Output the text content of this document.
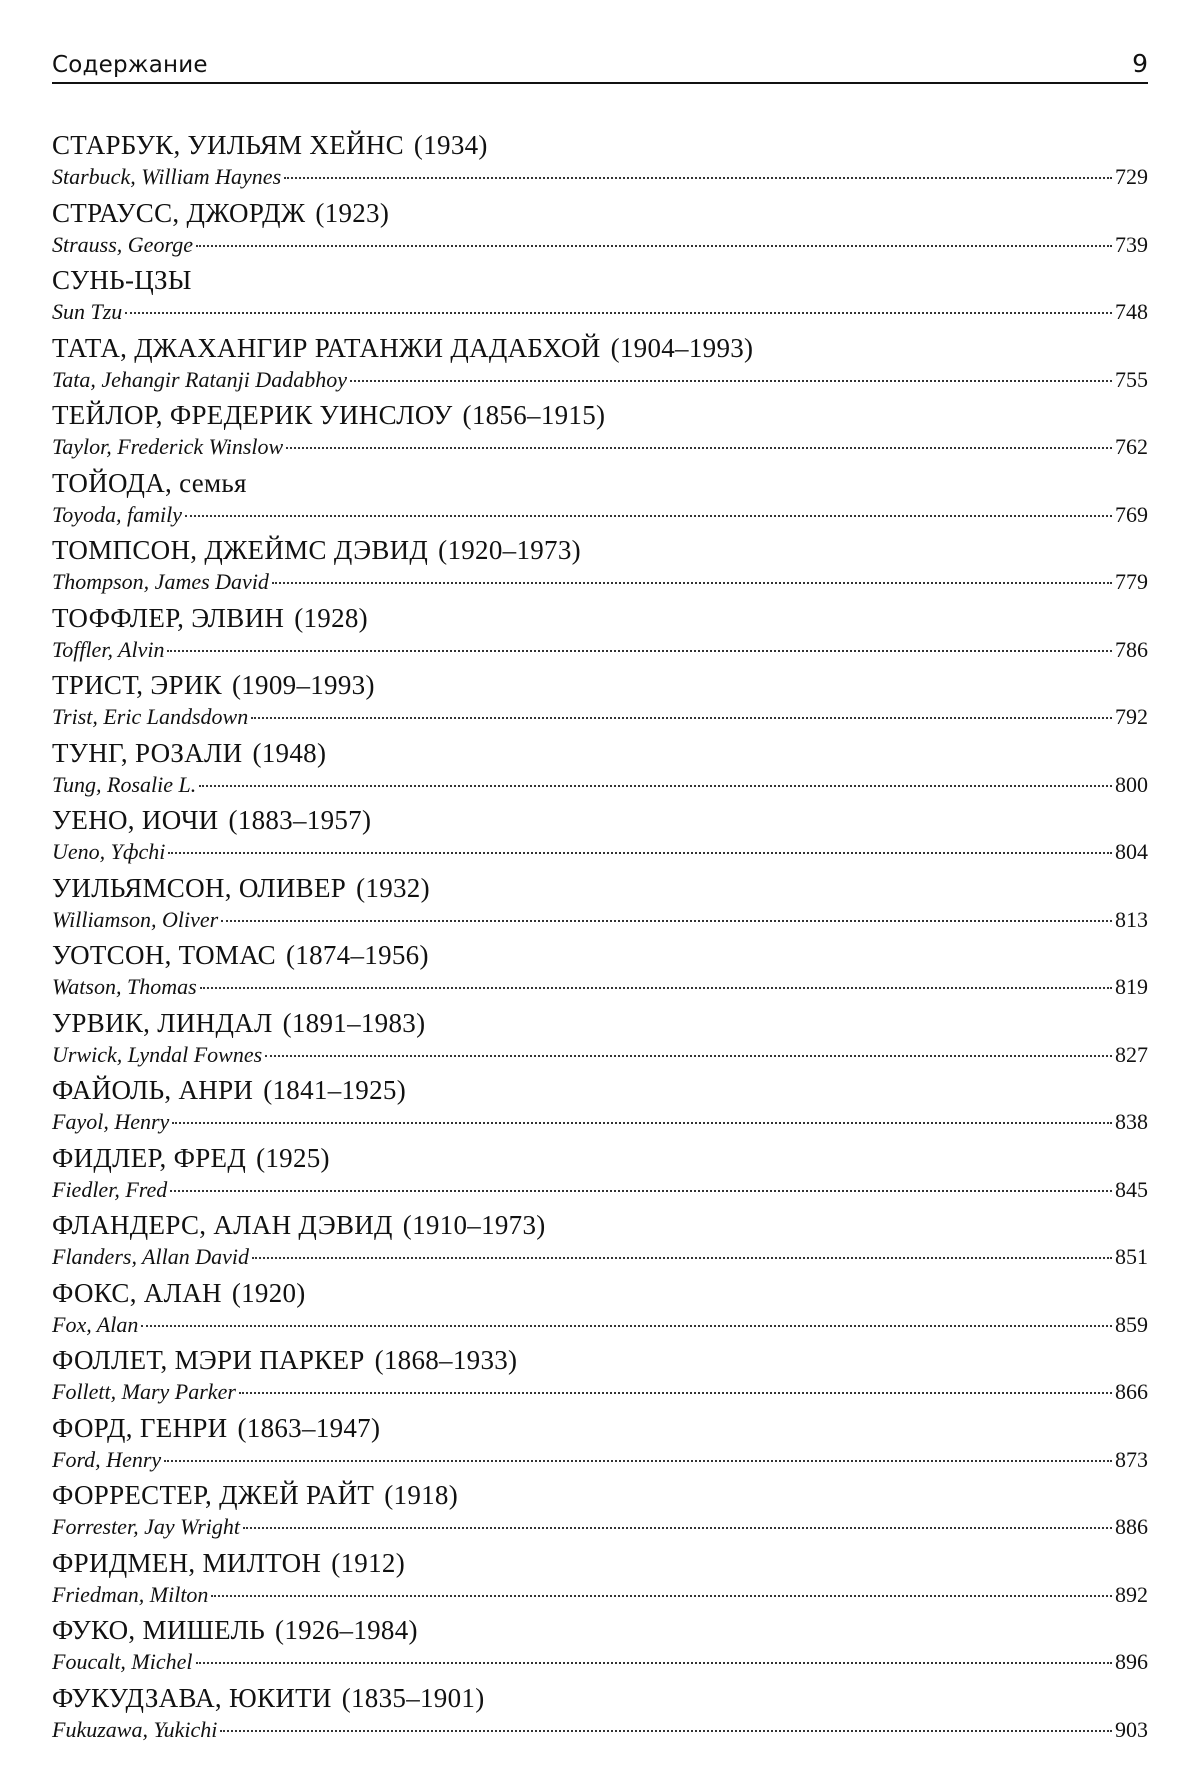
Содержание	9
СТАРБУК, УИЛЬЯМ ХЕЙНС (1934)
Starbuck, William Haynes	729
СТРАУСС, ДЖОРДЖ (1923)
Strauss, George	739
СУНЬ-ЦЗЫ
Sun Tzu	748
ТАТА, ДЖАХАНГИР РАТАНЖИ ДАДАБХОЙ (1904–1993)
Tata, Jehangir Ratanji Dadabhoy	755
ТЕЙЛОР, ФРЕДЕРИК УИНСЛОУ (1856–1915)
Taylor, Frederick Winslow	762
ТОЙОДА, семья
Toyoda, family	769
ТОМПСОН, ДЖЕЙМС ДЭВИД (1920–1973)
Thompson, James David	779
ТОФФЛЕР, ЭЛВИН (1928)
Toffler, Alvin	786
ТРИСТ, ЭРИК (1909–1993)
Trist, Eric Landsdown	792
ТУНГ, РОЗАЛИ (1948)
Tung, Rosalie L.	800
УЕНО, ИОЧИ (1883–1957)
Ueno, Yфchi	804
УИЛЬЯМСОН, ОЛИВЕР (1932)
Williamson, Oliver	813
УОТСОН, ТОМАС (1874–1956)
Watson, Thomas	819
УРВИК, ЛИНДАЛ (1891–1983)
Urwick, Lyndal Fownes	827
ФАЙОЛЬ, АНРИ (1841–1925)
Fayol, Henry	838
ФИДЛЕР, ФРЕД (1925)
Fiedler, Fred	845
ФЛАНДЕРС, АЛАН ДЭВИД (1910–1973)
Flanders, Allan David	851
ФОКС, АЛАН (1920)
Fox, Alan	859
ФОЛЛЕТ, МЭРИ ПАРКЕР (1868–1933)
Follett, Mary Parker	866
ФОРД, ГЕНРИ (1863–1947)
Ford, Henry	873
ФОРРЕСТЕР, ДЖЕЙ РАЙТ (1918)
Forrester, Jay Wright	886
ФРИДМЕН, МИЛТОН (1912)
Friedman, Milton	892
ФУКО, МИШЕЛЬ (1926–1984)
Foucalt, Michel	896
ФУКУДЗАВА, ЮКИТИ (1835–1901)
Fukuzawa, Yukichi	903
